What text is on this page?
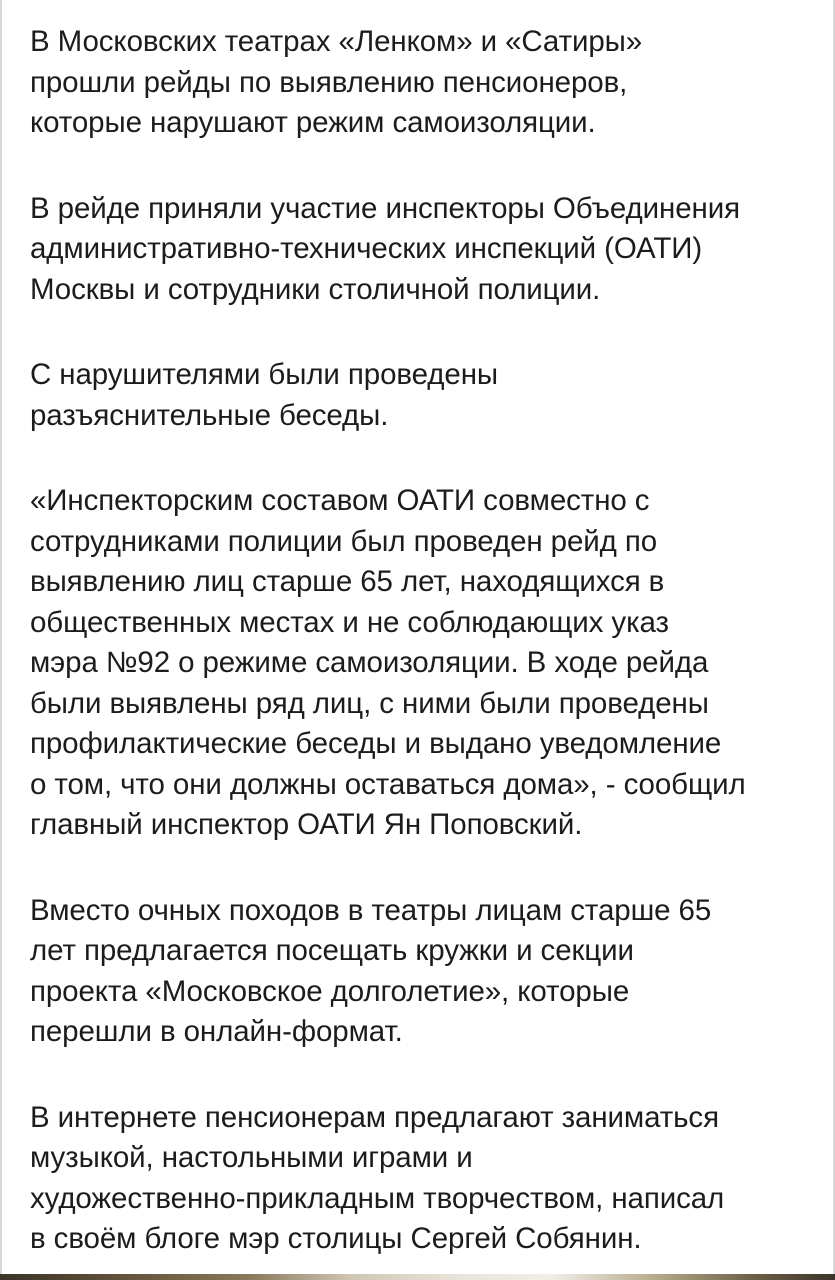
В Московских театрах «Ленком» и «Сатиры»
прошли рейды по выявлению пенсионеров,
которые нарушают режим самоизоляции.

В рейде приняли участие инспекторы Объединения
административно-технических инспекций (ОАТИ)
Москвы и сотрудники столичной полиции.

С нарушителями были проведены
разъяснительные беседы.

«Инспекторским составом ОАТИ совместно с
сотрудниками полиции был проведен рейд по
выявлению лиц старше 65 лет, находящихся в
общественных местах и не соблюдающих указ
мэра №92 о режиме самоизоляции. В ходе рейда
были выявлены ряд лиц, с ними были проведены
профилактические беседы и выдано уведомление
о том, что они должны оставаться дома», - сообщил
главный инспектор ОАТИ Ян Поповский.

Вместо очных походов в театры лицам старше 65
лет предлагается посещать кружки и секции
проекта «Московское долголетие», которые
перешли в онлайн-формат.

В интернете пенсионерам предлагают заниматься
музыкой, настольными играми и
художественно-прикладным творчеством, написал
в своём блоге мэр столицы Сергей Собянин.
